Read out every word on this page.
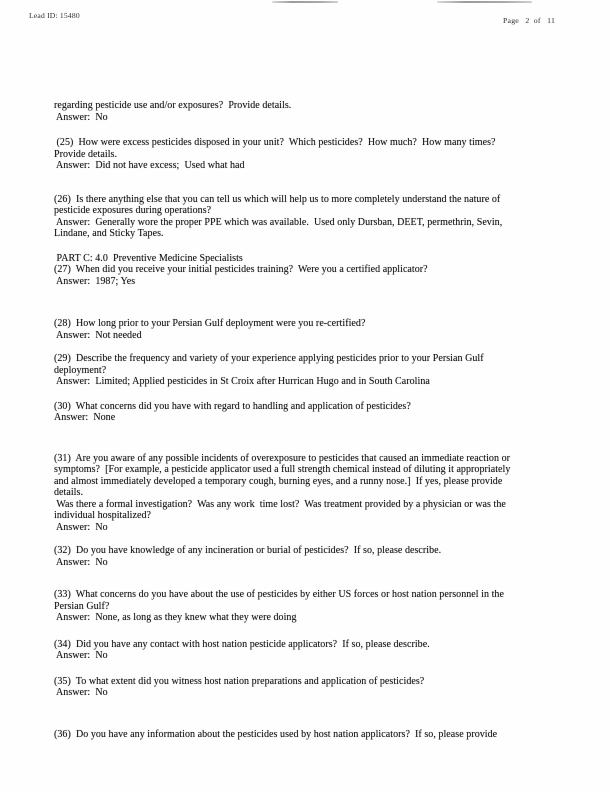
Lead ID: 15480
Page   2  of   11
regarding pesticide use and/or exposures?  Provide details.
Answer:  No
(25)  How were excess pesticides disposed in your unit?  Which pesticides?  How much?  How many times?
Provide details.
Answer:  Did not have excess;  Used what had
(26)  Is there anything else that you can tell us which will help us to more completely understand the nature of
pesticide exposures during operations?
Answer:  Generally wore the proper PPE which was available.  Used only Dursban, DEET, permethrin, Sevin,
Lindane, and Sticky Tapes.
PART C: 4.0  Preventive Medicine Specialists
(27)  When did you receive your initial pesticides training?  Were you a certified applicator?
Answer:  1987; Yes
(28)  How long prior to your Persian Gulf deployment were you re-certified?
Answer:  Not needed
(29)  Describe the frequency and variety of your experience applying pesticides prior to your Persian Gulf
deployment?
Answer:  Limited; Applied pesticides in St Croix after Hurrican Hugo and in South Carolina
(30)  What concerns did you have with regard to handling and application of pesticides?
Answer:  None
(31)  Are you aware of any possible incidents of overexposure to pesticides that caused an immediate reaction or
symptoms?  [For example, a pesticide applicator used a full strength chemical instead of diluting it appropriately
and almost immediately developed a temporary cough, burning eyes, and a runny nose.]  If yes, please provide
details.
Was there a formal investigation?  Was any work  time lost?  Was treatment provided by a physician or was the
individual hospitalized?
Answer:  No
(32)  Do you have knowledge of any incineration or burial of pesticides?  If so, please describe.
Answer:  No
(33)  What concerns do you have about the use of pesticides by either US forces or host nation personnel in the
Persian Gulf?
Answer:  None, as long as they knew what they were doing
(34)  Did you have any contact with host nation pesticide applicators?  If so, please describe.
Answer:  No
(35)  To what extent did you witness host nation preparations and application of pesticides?
Answer:  No
(36)  Do you have any information about the pesticides used by host nation applicators?  If so, please provide
